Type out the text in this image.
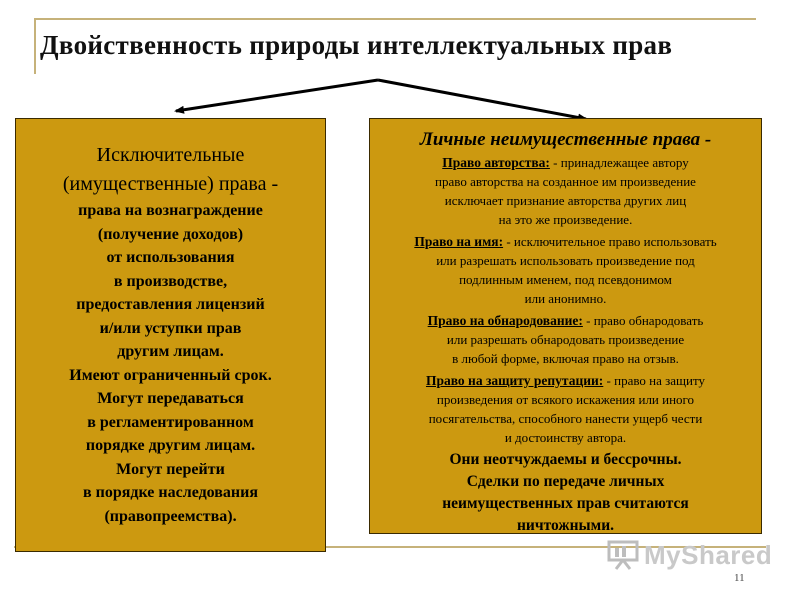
Двойственность природы интеллектуальных прав
Исключительные
(имущественные) права -
права на вознаграждение
(получение доходов)
от использования
в производстве,
предоставления лицензий
и/или уступки прав
другим лицам.
Имеют ограниченный срок.
Могут передаваться
в регламентированном
порядке другим лицам.
Могут перейти
в порядке наследования
(правопреемства).
Личные неимущественные права -
Право авторства: - принадлежащее автору
право авторства на созданное им произведение
исключает признание авторства других лиц
на это же произведение.
Право на имя: - исключительное право использовать
или разрешать использовать произведение под
подлинным именем, под псевдонимом
или анонимно.
Право на обнародование: - право обнародовать
или разрешать обнародовать произведение
в любой форме, включая право на отзыв.
Право на защиту репутации: - право на защиту
произведения от всякого искажения или иного
посягательства, способного нанести ущерб чести
и достоинству автора.
Они неотчуждаемы и бессрочны.
Сделки по передаче личных
неимущественных прав считаются
ничтожными.
MyShared
11
